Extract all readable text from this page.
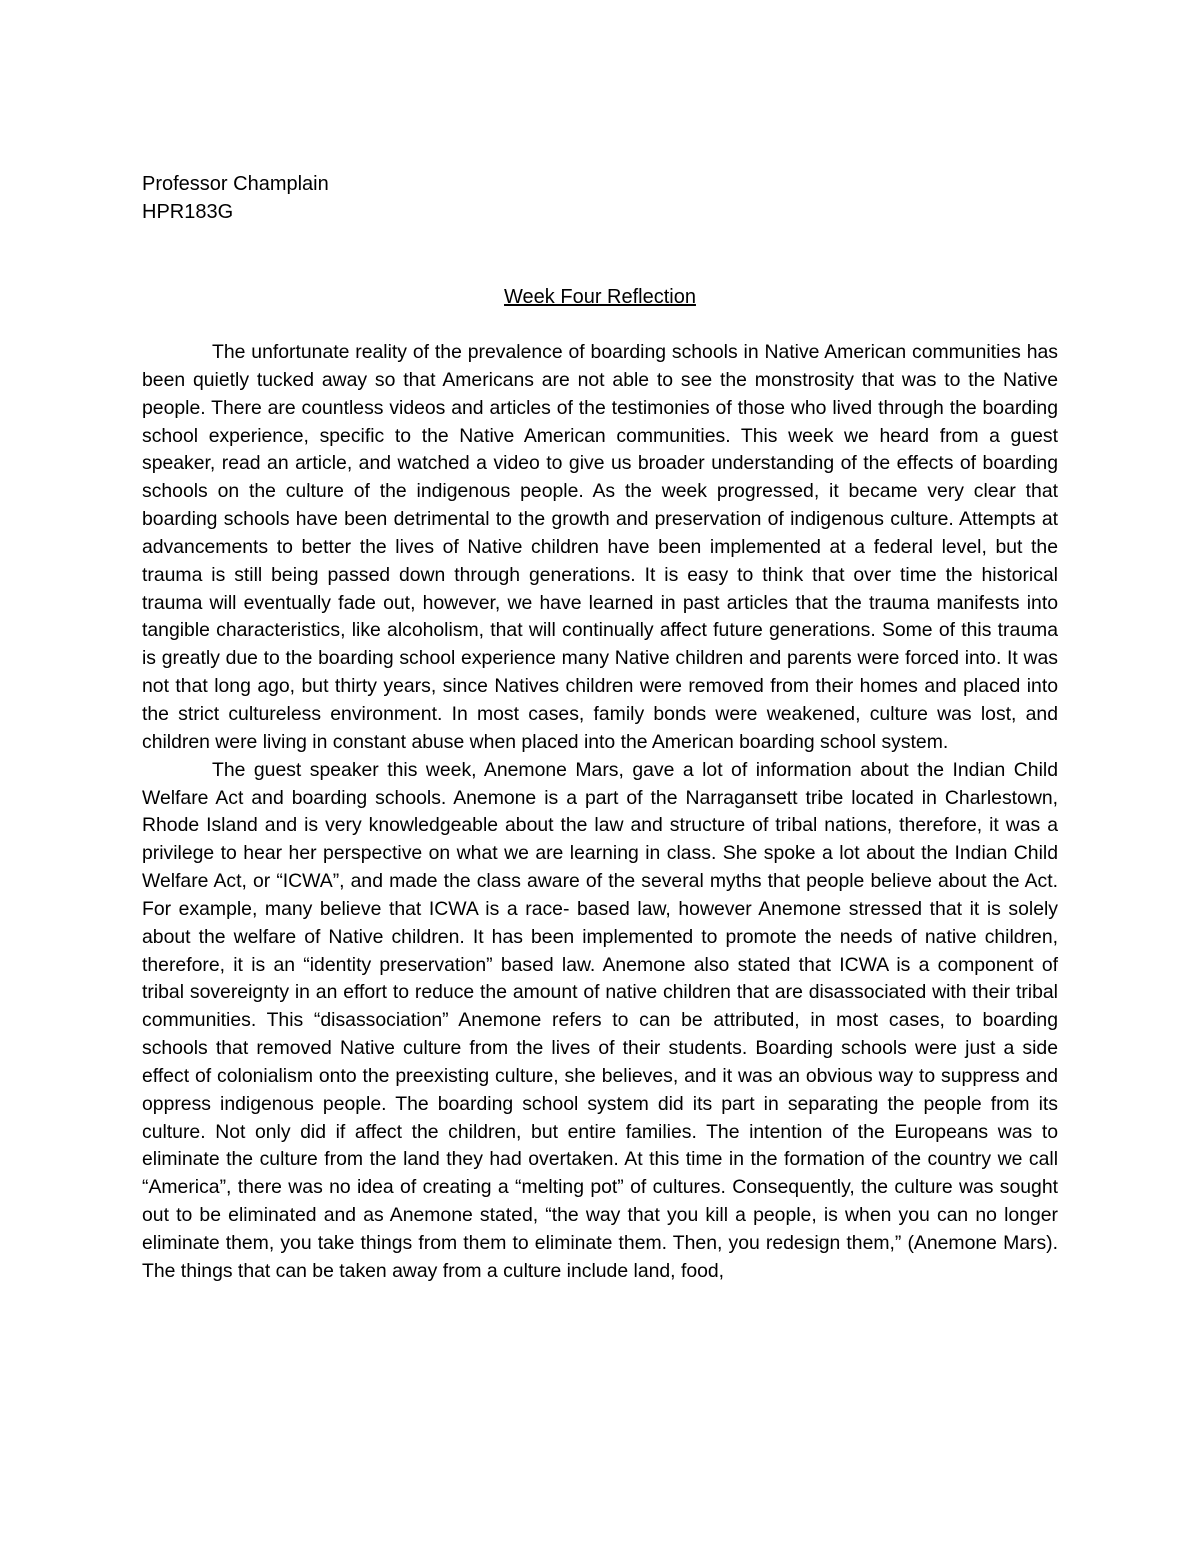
Professor Champlain
HPR183G
Week Four Reflection

The unfortunate reality of the prevalence of boarding schools in Native American communities has been quietly tucked away so that Americans are not able to see the monstrosity that was to the Native people. There are countless videos and articles of the testimonies of those who lived through the boarding school experience, specific to the Native American communities. This week we heard from a guest speaker, read an article, and watched a video to give us broader understanding of the effects of boarding schools on the culture of the indigenous people. As the week progressed, it became very clear that boarding schools have been detrimental to the growth and preservation of indigenous culture. Attempts at advancements to better the lives of Native children have been implemented at a federal level, but the trauma is still being passed down through generations. It is easy to think that over time the historical trauma will eventually fade out, however, we have learned in past articles that the trauma manifests into tangible characteristics, like alcoholism, that will continually affect future generations. Some of this trauma is greatly due to the boarding school experience many Native children and parents were forced into. It was not that long ago, but thirty years, since Natives children were removed from their homes and placed into the strict cultureless environment. In most cases, family bonds were weakened, culture was lost, and children were living in constant abuse when placed into the American boarding school system.

The guest speaker this week, Anemone Mars, gave a lot of information about the Indian Child Welfare Act and boarding schools. Anemone is a part of the Narragansett tribe located in Charlestown, Rhode Island and is very knowledgeable about the law and structure of tribal nations, therefore, it was a privilege to hear her perspective on what we are learning in class. She spoke a lot about the Indian Child Welfare Act, or “ICWA”, and made the class aware of the several myths that people believe about the Act. For example, many believe that ICWA is a race- based law, however Anemone stressed that it is solely about the welfare of Native children. It has been implemented to promote the needs of native children, therefore, it is an “identity preservation” based law. Anemone also stated that ICWA is a component of tribal sovereignty in an effort to reduce the amount of native children that are disassociated with their tribal communities. This “disassociation” Anemone refers to can be attributed, in most cases, to boarding schools that removed Native culture from the lives of their students. Boarding schools were just a side effect of colonialism onto the preexisting culture, she believes, and it was an obvious way to suppress and oppress indigenous people. The boarding school system did its part in separating the people from its culture. Not only did if affect the children, but entire families. The intention of the Europeans was to eliminate the culture from the land they had overtaken. At this time in the formation of the country we call “America”, there was no idea of creating a “melting pot” of cultures. Consequently, the culture was sought out to be eliminated and as Anemone stated, “the way that you kill a people, is when you can no longer eliminate them, you take things from them to eliminate them. Then, you redesign them,” (Anemone Mars). The things that can be taken away from a culture include land, food,
